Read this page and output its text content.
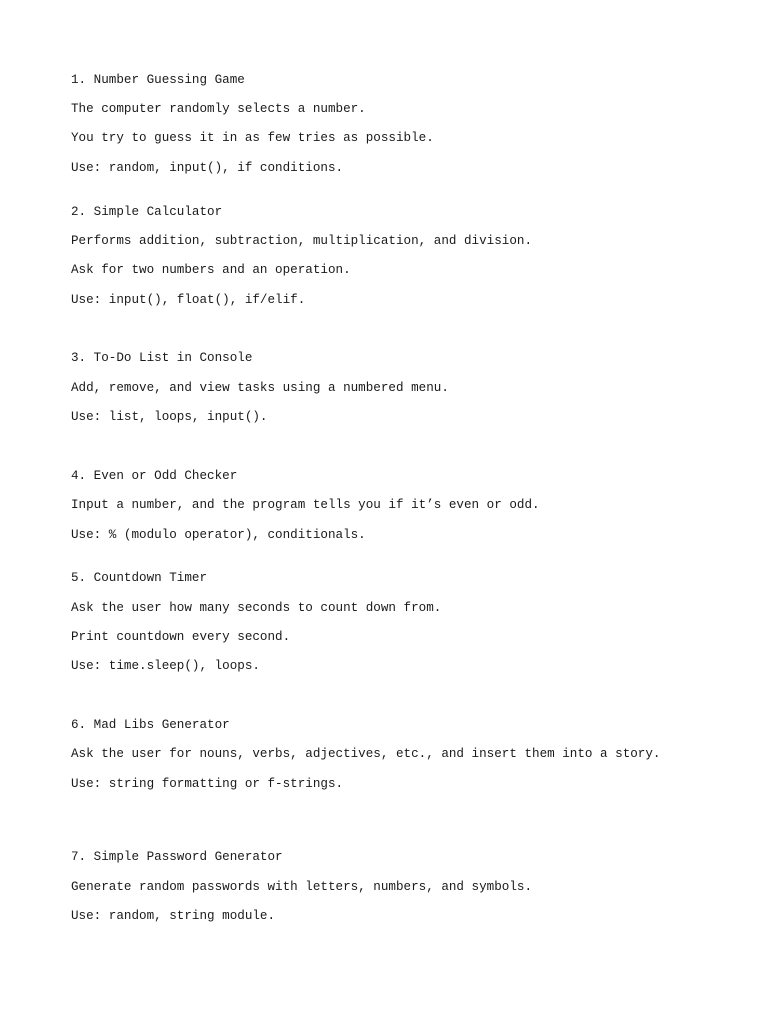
1. Number Guessing Game
The computer randomly selects a number.
You try to guess it in as few tries as possible.
Use: random, input(), if conditions.
2. Simple Calculator
Performs addition, subtraction, multiplication, and division.
Ask for two numbers and an operation.
Use: input(), float(), if/elif.
3. To-Do List in Console
Add, remove, and view tasks using a numbered menu.
Use: list, loops, input().
4. Even or Odd Checker
Input a number, and the program tells you if it’s even or odd.
Use: % (modulo operator), conditionals.
5. Countdown Timer
Ask the user how many seconds to count down from.
Print countdown every second.
Use: time.sleep(), loops.
6. Mad Libs Generator
Ask the user for nouns, verbs, adjectives, etc., and insert them into a story.
Use: string formatting or f-strings.
7. Simple Password Generator
Generate random passwords with letters, numbers, and symbols.
Use: random, string module.
